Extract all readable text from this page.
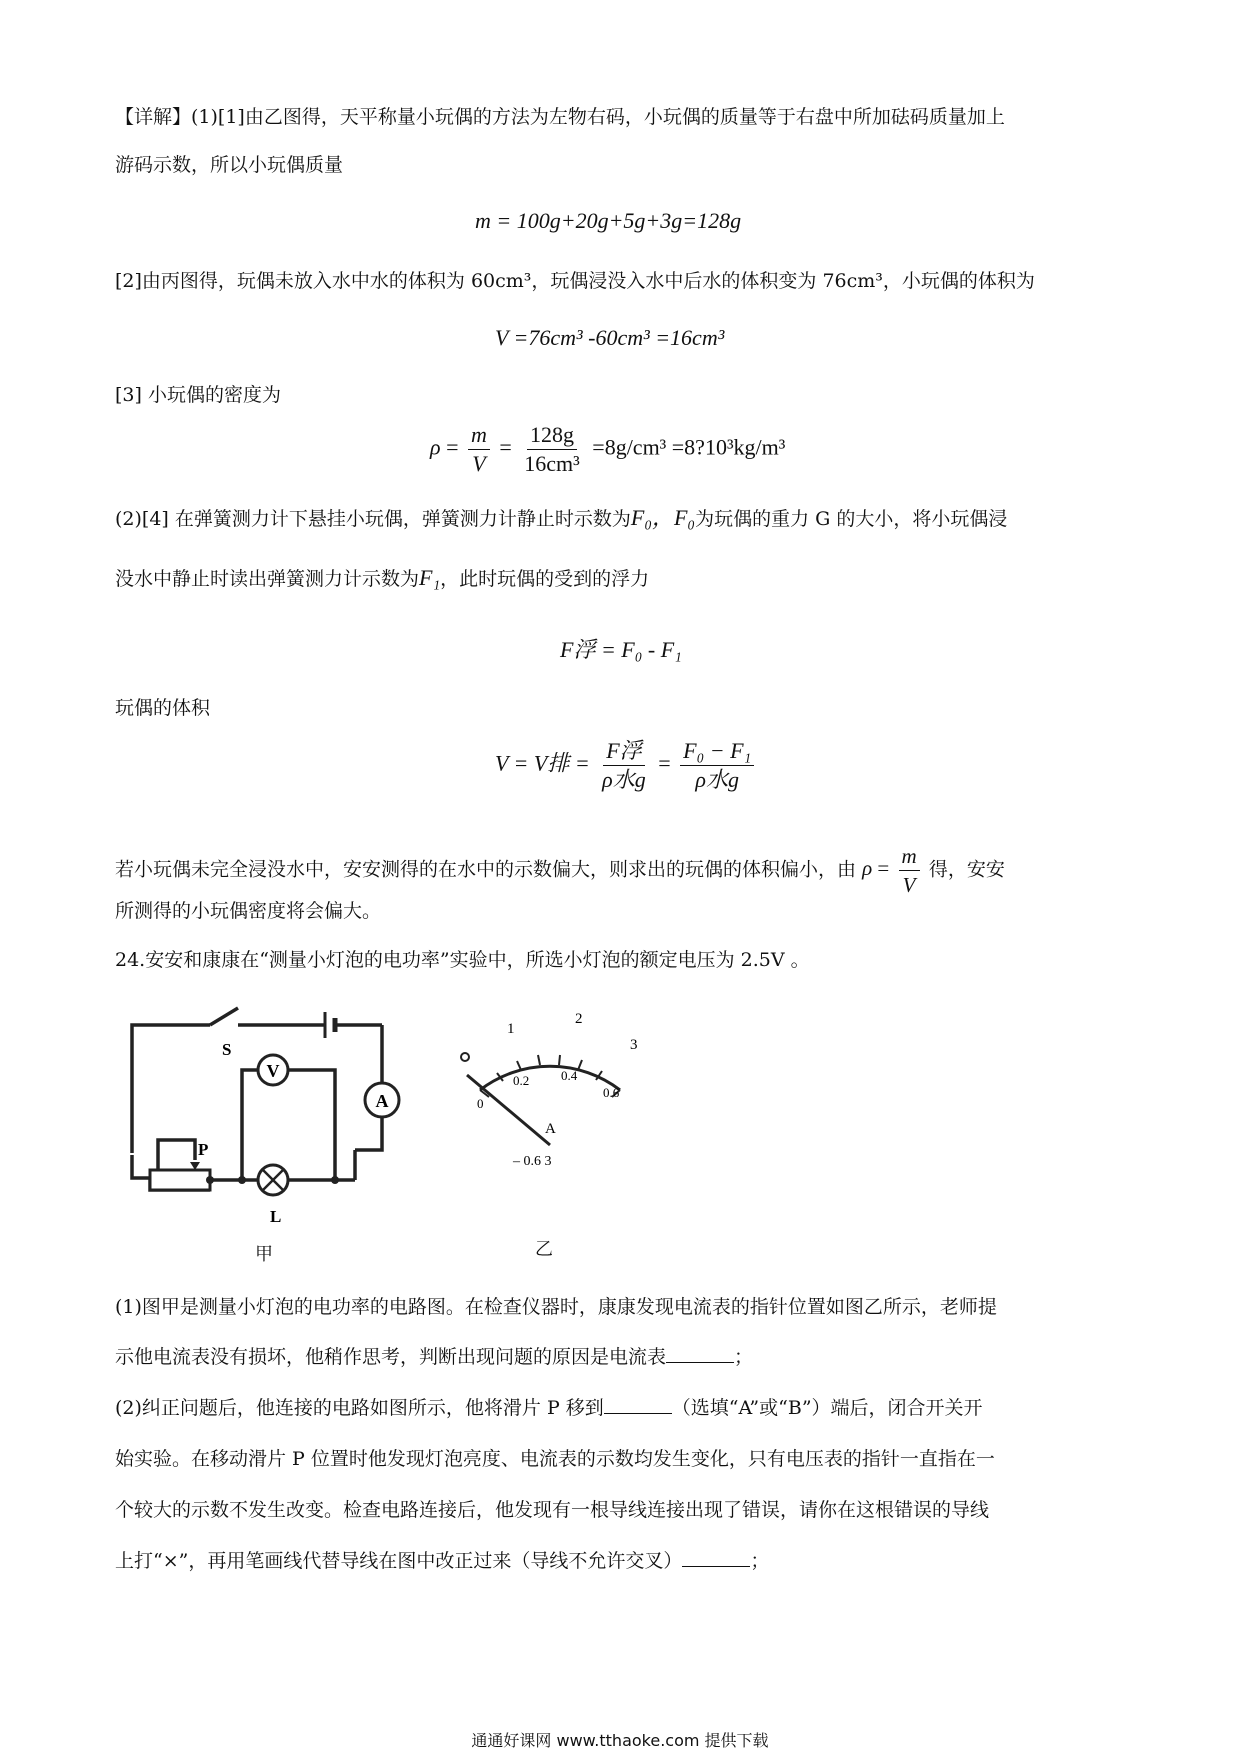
【详解】(1)[1]由乙图得，天平称量小玩偶的方法为左物右码，小玩偶的质量等于右盘中所加砝码质量加上
游码示数，所以小玩偶质量
m = 100g+20g+5g+3g=128g
[2]由丙图得，玩偶未放入水中水的体积为 60cm³，玩偶浸没入水中后水的体积变为 76cm³，小玩偶的体积为
V =76cm³ -60cm³ =16cm³
[3] 小玩偶的密度为
$\rho = \frac{m}{V} = \frac{128g}{\text{16cm³}} =8g/cm^3$ =8?10³kg/m³
(2)[4] 在弹簧测力计下悬挂小玩偶，弹簧测力计静止时示数为F₀，F₀为玩偶的重力 G 的大小，将小玩偶浸
没水中静止时读出弹簧测力计示数为F₁，此时玩偶的受到的浮力
F浮 = F₀ - F₁
玩偶的体积
V = V排 = $\frac{\text{F浮}}{\text{ρ水g}} = \frac{\text{F₀ − F₁}}{\text{ρ水g}}$
若小玩偶未完全浸没水中，安安测得的在水中的示数偏大，则求出的玩偶的体积偏小，由 $\rho = \frac{m}{V}$ 得，安安
所测得的小玩偶密度将会偏大。
24.安安和康康在“测量小灯泡的电功率”实验中，所选小灯泡的额定电压为 2.5V 。
V
A
S
P
L
甲
1
2
3
0
0.2 0.4
0.6
A
– 0.6 3
乙
(1)图甲是测量小灯泡的电功率的电路图。在检查仪器时，康康发现电流表的指针位置如图乙所示，老师提
示他电流表没有损坏，他稍作思考，判断出现问题的原因是电流表	；
(2)纠正问题后，他连接的电路如图所示，他将滑片 P 移到	（选填“A”或“B”）端后，闭合开关开
始实验。在移动滑片 P 位置时他发现灯泡亮度、电流表的示数均发生变化，只有电压表的指针一直指在一
个较大的示数不发生改变。检查电路连接后，他发现有一根导线连接出现了错误，请你在这根错误的导线
上打“×”，再用笔画线代替导线在图中改正过来（导线不允许交叉）	；
通通好课网 www.tthaoke.com 提供下载
